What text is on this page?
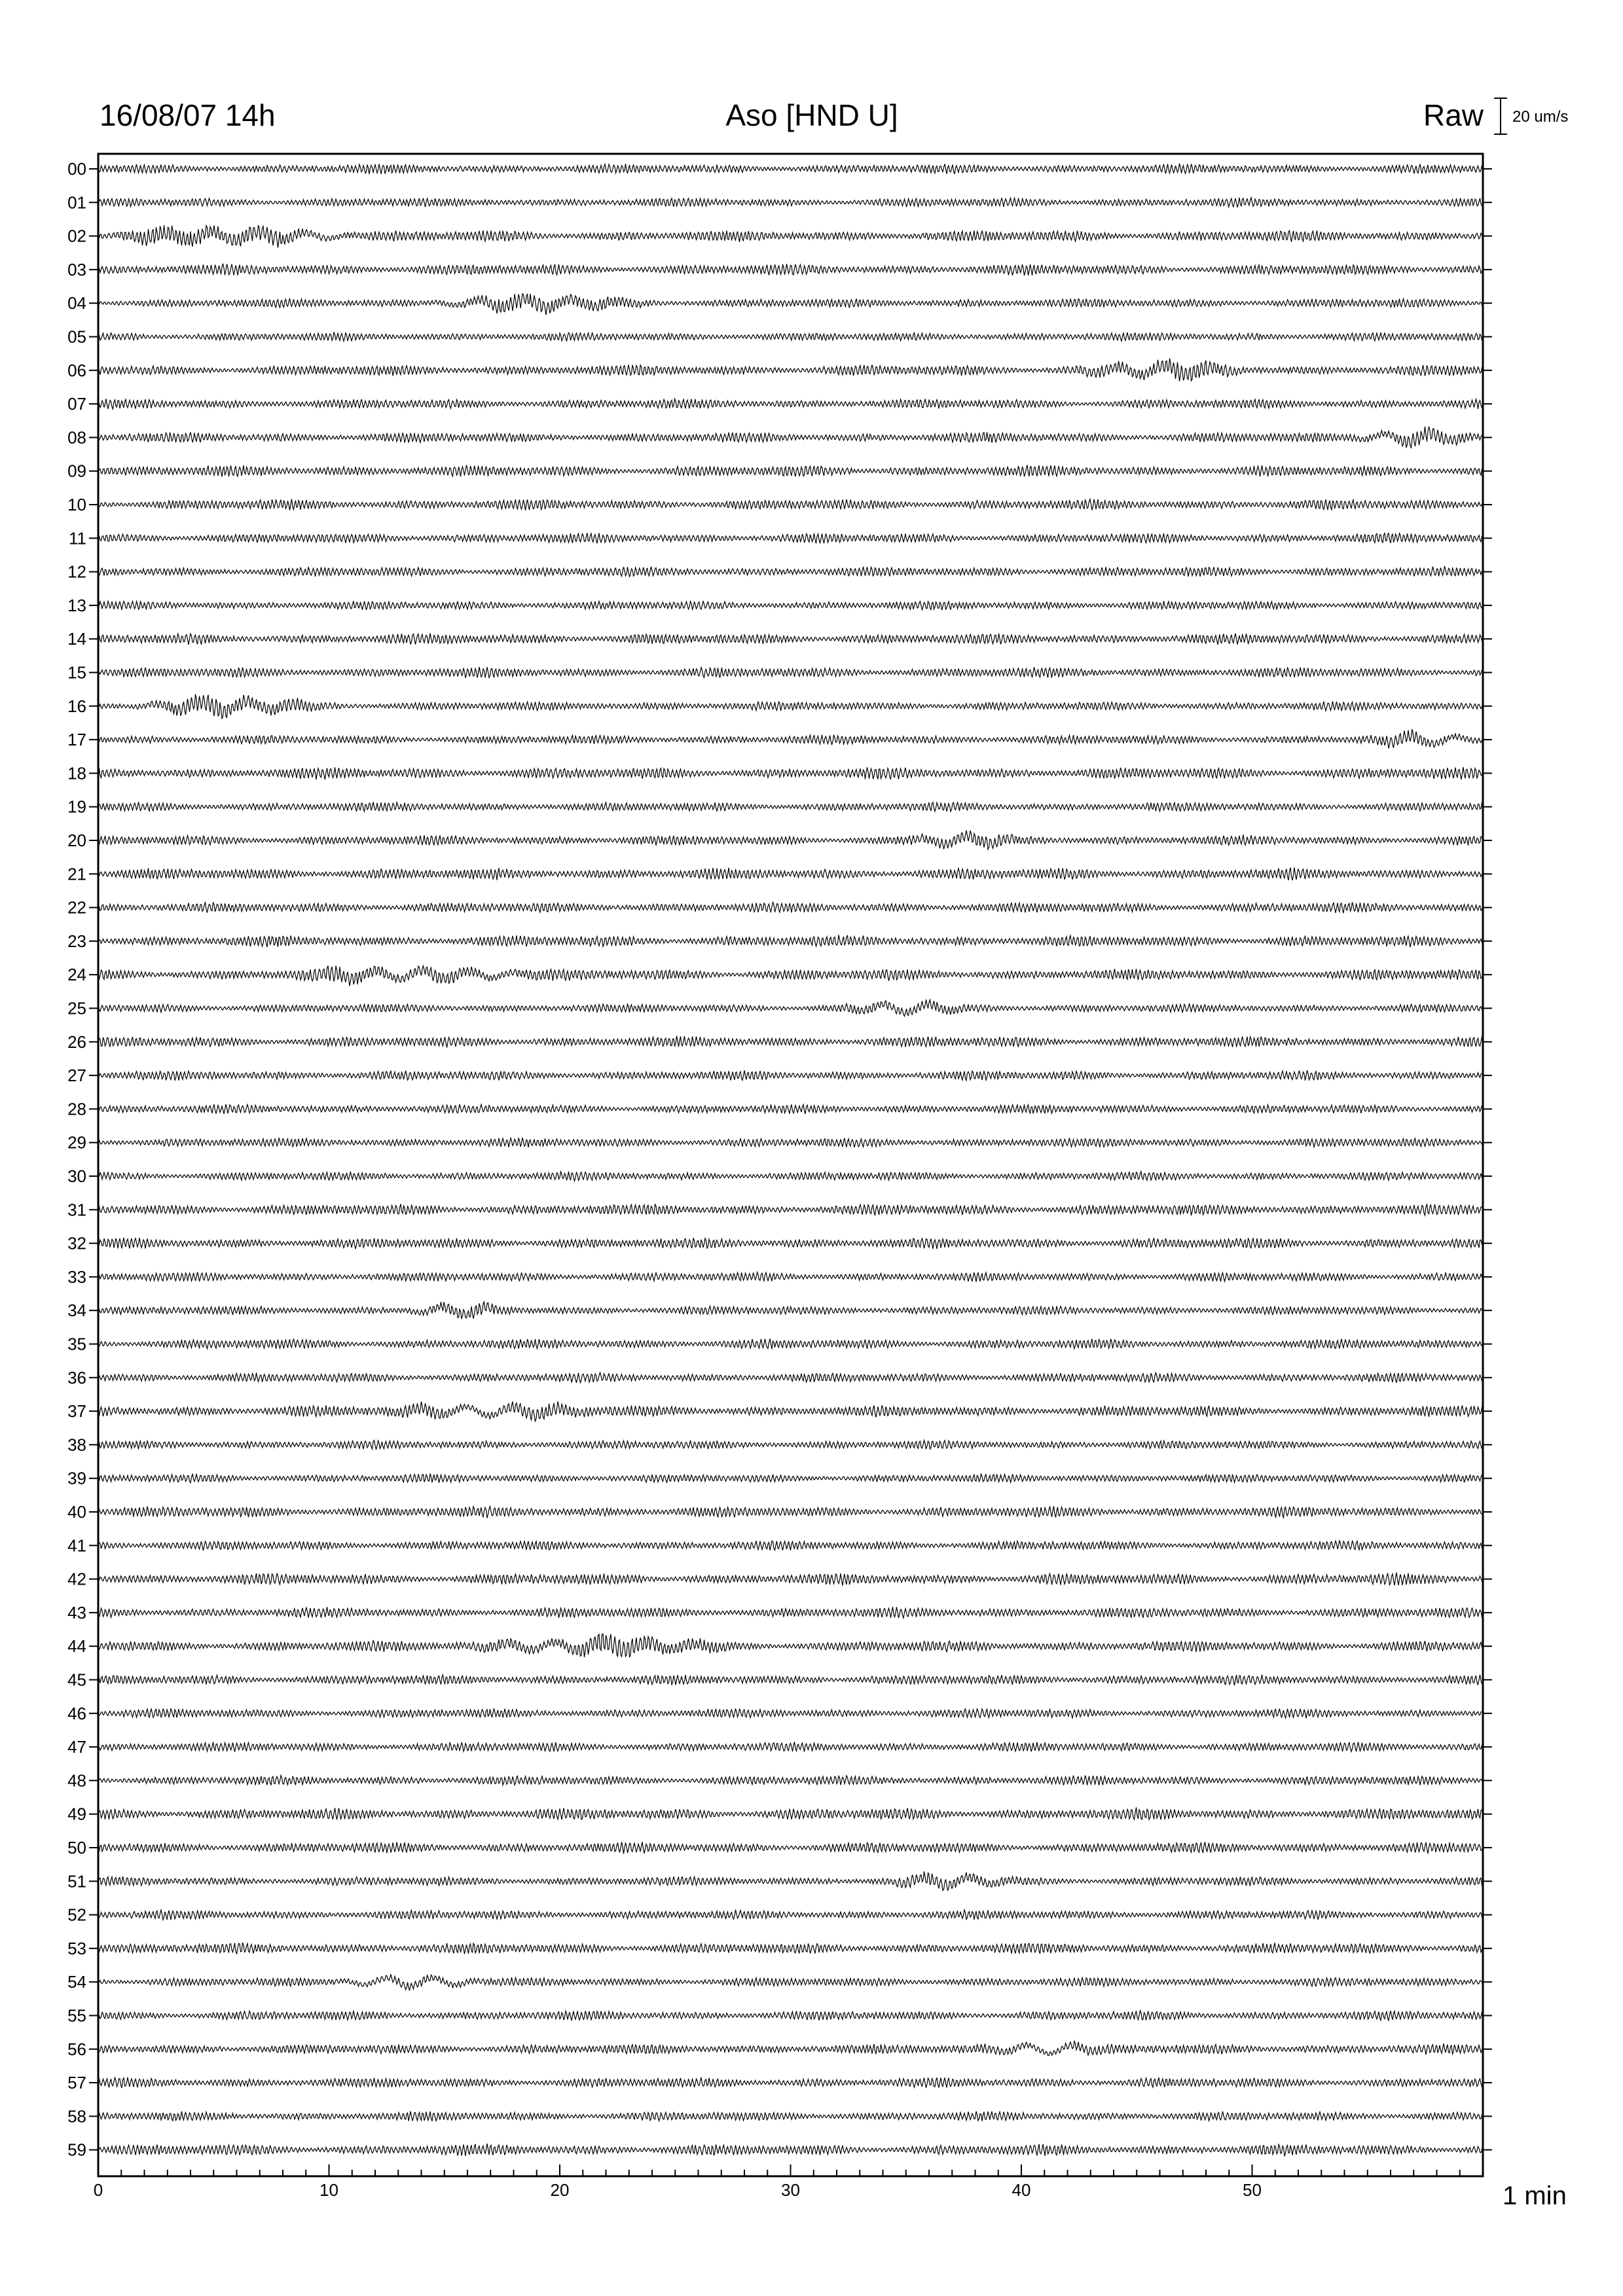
16/08/07 14h	Aso [HND U]	Raw 20 um/s
00
01
02
03
04
05
06
07
08
09
10
11
12
13
14
15
16
17
18
19
20
21
22
23
24
25
26
27
28
29
30
31
32
33
34
35
36
37
38
39
40
41
42
43
44
45
46
47
48
49
50
51
52
53
54
55
56
57
58
59
0	10	20	30	40	50	1 min
